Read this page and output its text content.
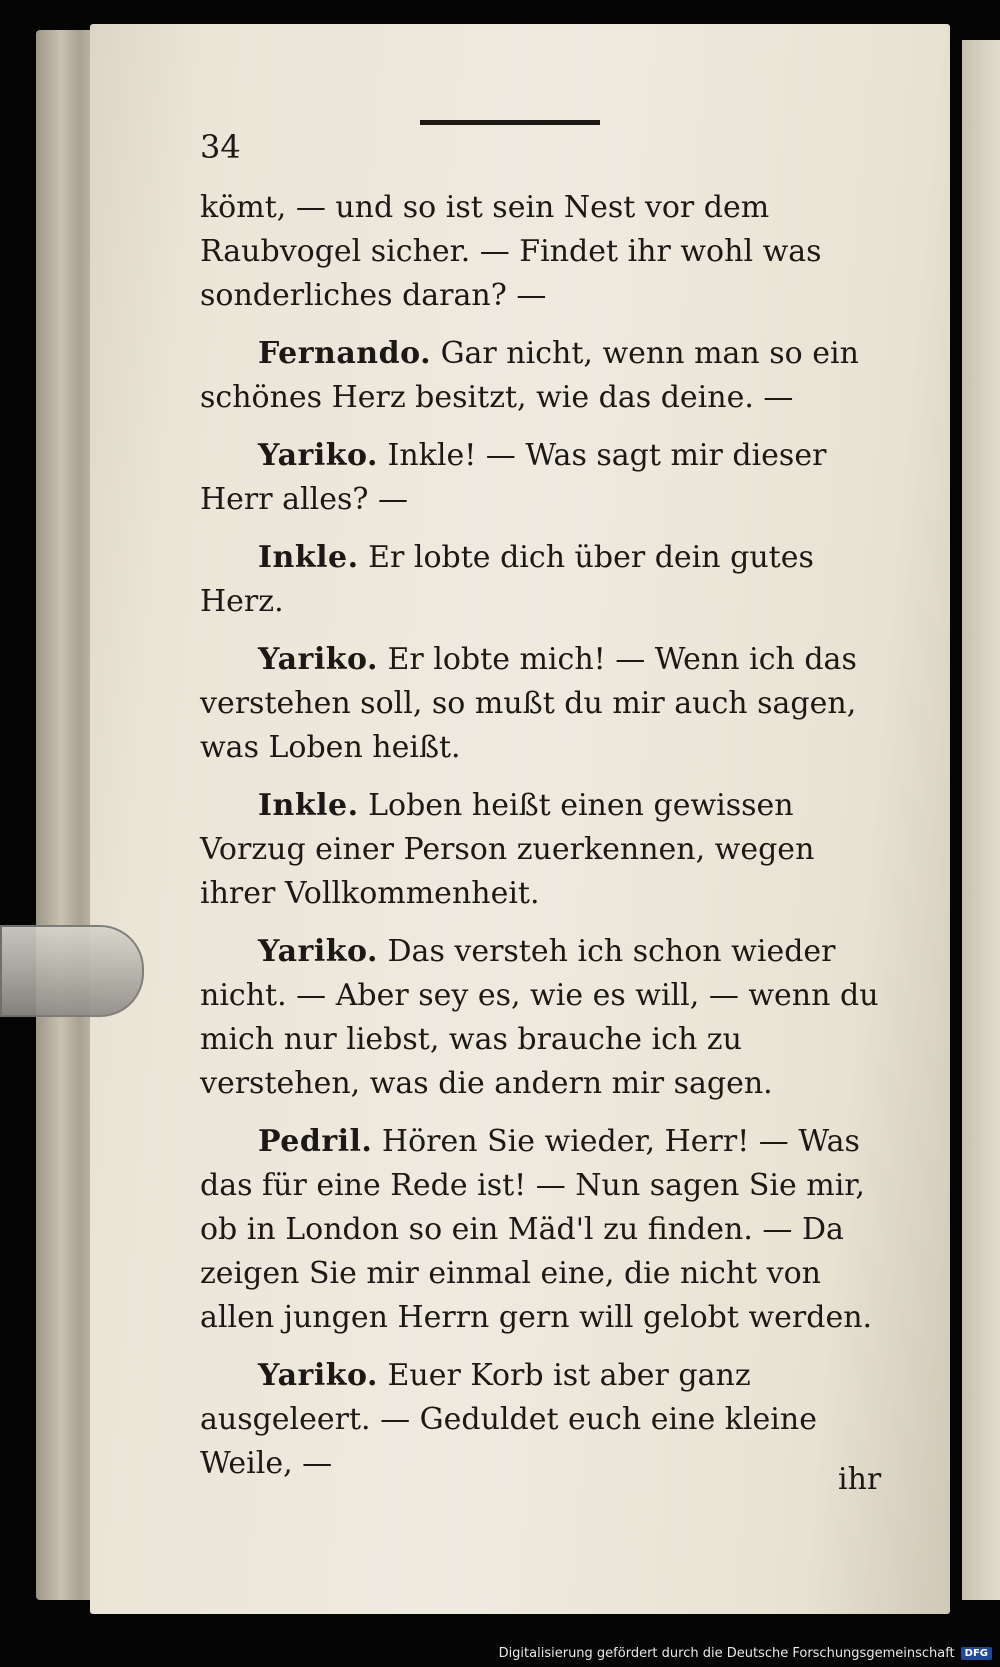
34

kömt, — und so ist sein Nest vor dem Raubvogel sicher. — Findet ihr wohl was sonderliches daran? —

Fernando. Gar nicht, wenn man so ein schönes Herz besitzt, wie das deine. —

Yariko. Inkle! — Was sagt mir dieser Herr alles? —

Inkle. Er lobte dich über dein gutes Herz.

Yariko. Er lobte mich! — Wenn ich das verstehen soll, so mußt du mir auch sagen, was Loben heißt.

Inkle. Loben heißt einen gewissen Vorzug einer Person zuerkennen, wegen ihrer Vollkommenheit.

Yariko. Das versteh ich schon wieder nicht. — Aber sey es, wie es will, — wenn du mich nur liebst, was brauche ich zu verstehen, was die andern mir sagen.

Pedril. Hören Sie wieder, Herr! — Was das für eine Rede ist! — Nun sagen Sie mir, ob in London so ein Mäd'l zu finden. — Da zeigen Sie mir einmal eine, die nicht von allen jungen Herrn gern will gelobt werden.

Yariko. Euer Korb ist aber ganz ausgeleert. — Geduldet euch eine kleine Weile, —	ihr
Digitalisierung gefördert durch die Deutsche Forschungsgemeinschaft	DFG
